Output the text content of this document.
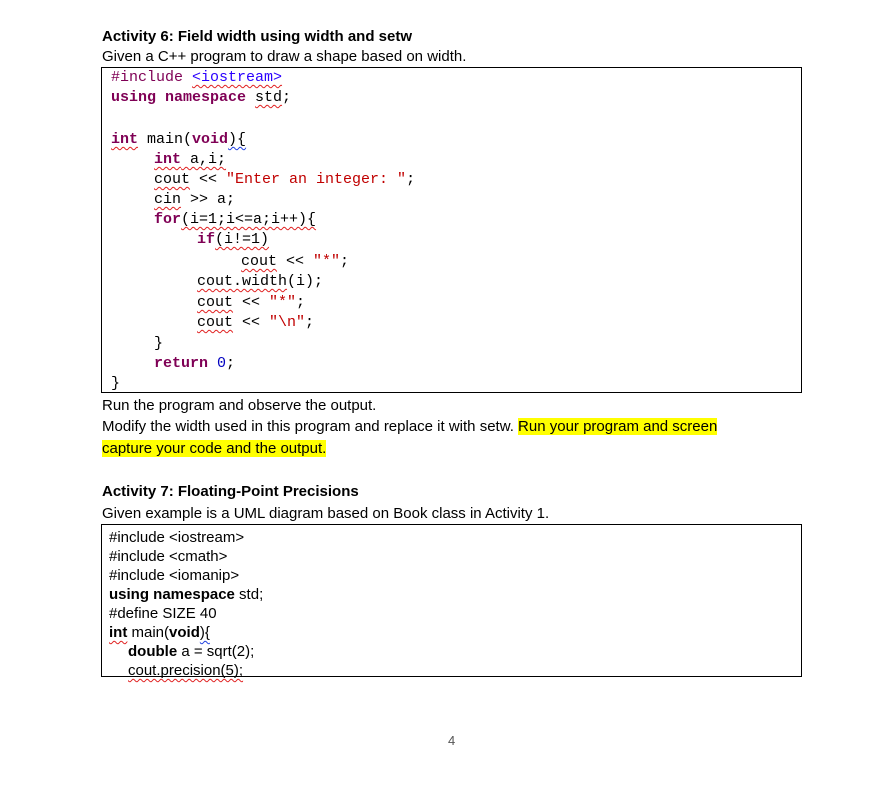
Activity 6: Field width using width and setw
Given a C++ program to draw a shape based on width.
#include <iostream>
using namespace std;
int main(void){
int a,i;
cout << "Enter an integer: ";
cin >> a;
for(i=1;i<=a;i++){
if(i!=1)
cout << "*";
cout.width(i);
cout << "*";
cout << "\n";
}
return 0;
}
Run the program and observe the output.
Modify the width used in this program and replace it with setw. Run your program and screen
capture your code and the output.
Activity 7: Floating-Point Precisions
Given example is a UML diagram based on Book class in Activity 1.
#include <iostream>
#include <cmath>
#include <iomanip>
using namespace std;
#define SIZE 40
int main(void){
double a = sqrt(2);
cout.precision(5);
4
